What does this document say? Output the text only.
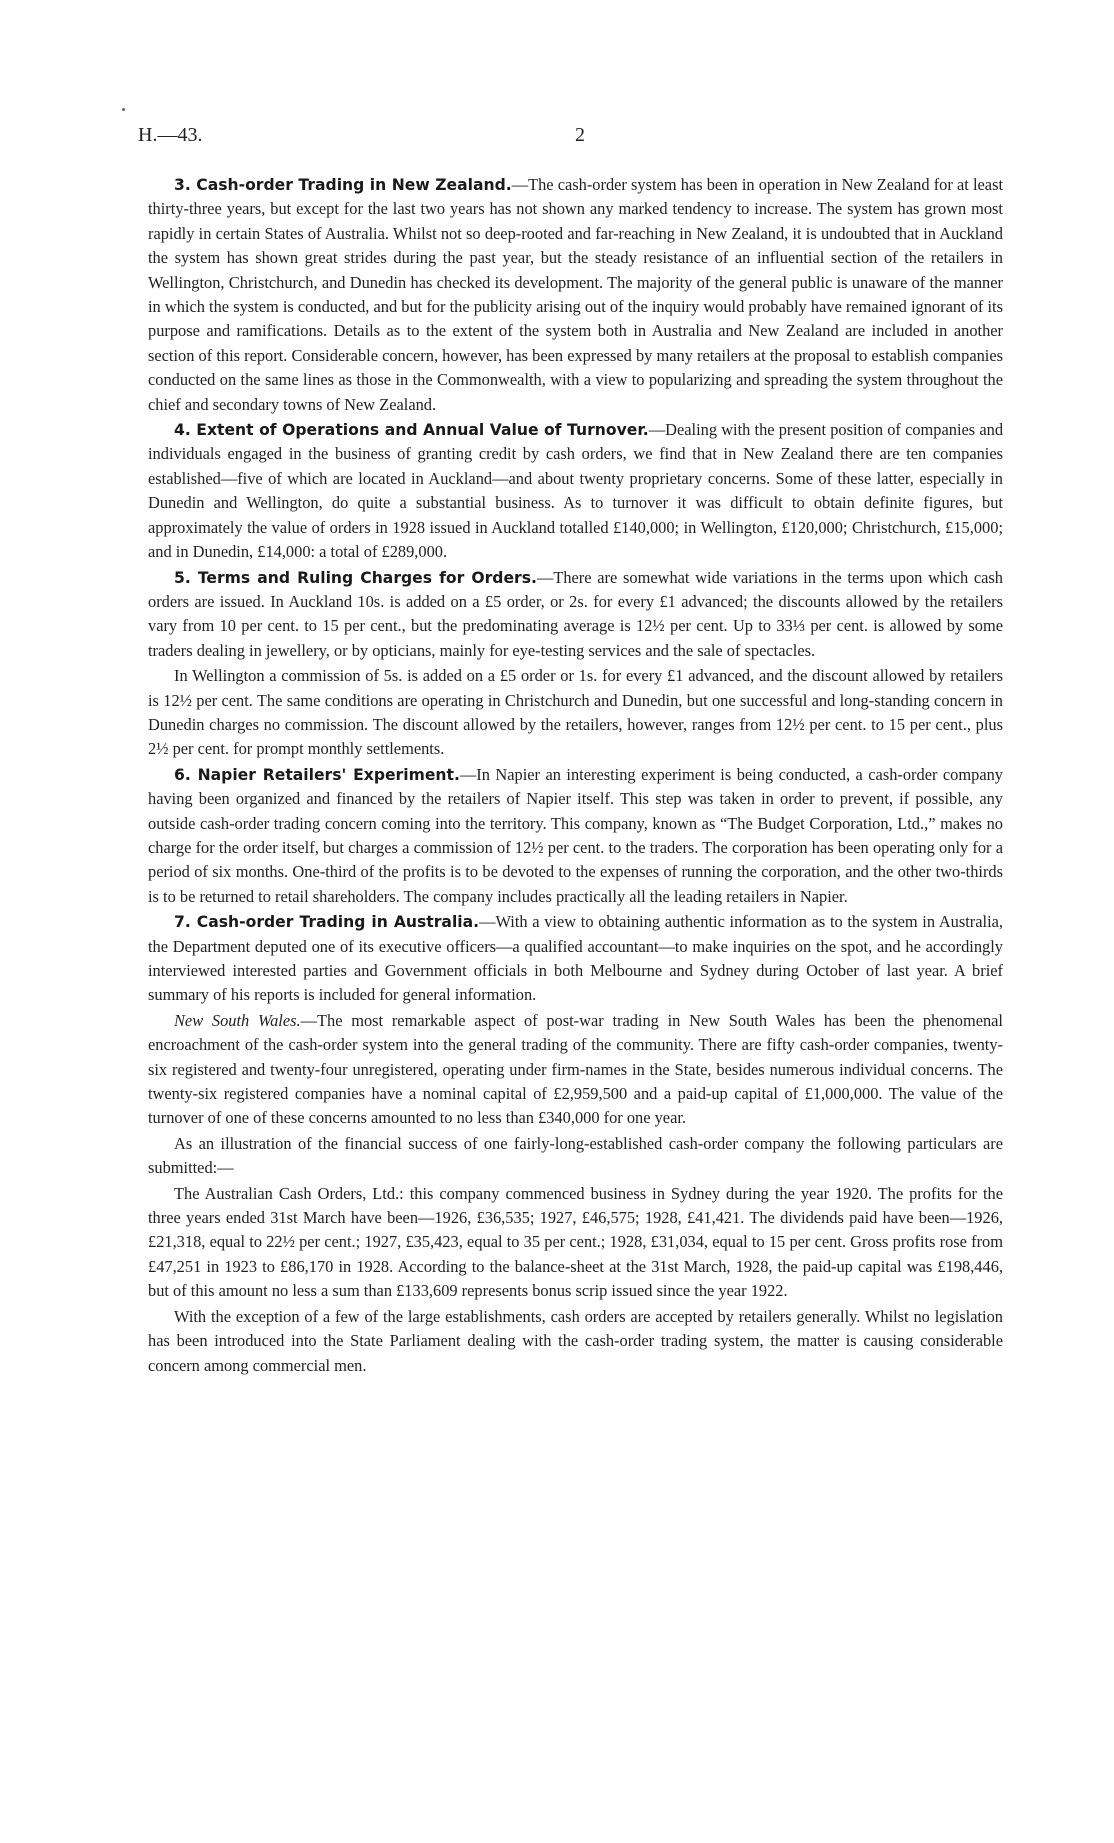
H.—43.	2

3. Cash-order Trading in New Zealand.—The cash-order system has been in operation in New Zealand for at least thirty-three years, but except for the last two years has not shown any marked tendency to increase. The system has grown most rapidly in certain States of Australia. Whilst not so deep-rooted and far-reaching in New Zealand, it is undoubted that in Auckland the system has shown great strides during the past year, but the steady resistance of an influential section of the retailers in Wellington, Christchurch, and Dunedin has checked its development. The majority of the general public is unaware of the manner in which the system is conducted, and but for the publicity arising out of the inquiry would probably have remained ignorant of its purpose and ramifications. Details as to the extent of the system both in Australia and New Zealand are included in another section of this report. Considerable concern, however, has been expressed by many retailers at the proposal to establish companies conducted on the same lines as those in the Commonwealth, with a view to popularizing and spreading the system throughout the chief and secondary towns of New Zealand.

4. Extent of Operations and Annual Value of Turnover.—Dealing with the present position of companies and individuals engaged in the business of granting credit by cash orders, we find that in New Zealand there are ten companies established—five of which are located in Auckland—and about twenty proprietary concerns. Some of these latter, especially in Dunedin and Wellington, do quite a substantial business. As to turnover it was difficult to obtain definite figures, but approximately the value of orders in 1928 issued in Auckland totalled £140,000; in Wellington, £120,000; Christchurch, £15,000; and in Dunedin, £14,000: a total of £289,000.

5. Terms and Ruling Charges for Orders.—There are somewhat wide variations in the terms upon which cash orders are issued. In Auckland 10s. is added on a £5 order, or 2s. for every £1 advanced; the discounts allowed by the retailers vary from 10 per cent. to 15 per cent., but the predominating average is 12½ per cent. Up to 33⅓ per cent. is allowed by some traders dealing in jewellery, or by opticians, mainly for eye-testing services and the sale of spectacles.

In Wellington a commission of 5s. is added on a £5 order or 1s. for every £1 advanced, and the discount allowed by retailers is 12½ per cent. The same conditions are operating in Christchurch and Dunedin, but one successful and long-standing concern in Dunedin charges no commission. The discount allowed by the retailers, however, ranges from 12½ per cent. to 15 per cent., plus 2½ per cent. for prompt monthly settlements.

6. Napier Retailers' Experiment.—In Napier an interesting experiment is being conducted, a cash-order company having been organized and financed by the retailers of Napier itself. This step was taken in order to prevent, if possible, any outside cash-order trading concern coming into the territory. This company, known as “The Budget Corporation, Ltd.,” makes no charge for the order itself, but charges a commission of 12½ per cent. to the traders. The corporation has been operating only for a period of six months. One-third of the profits is to be devoted to the expenses of running the corporation, and the other two-thirds is to be returned to retail shareholders. The company includes practically all the leading retailers in Napier.

7. Cash-order Trading in Australia.—With a view to obtaining authentic information as to the system in Australia, the Department deputed one of its executive officers—a qualified accountant—to make inquiries on the spot, and he accordingly interviewed interested parties and Government officials in both Melbourne and Sydney during October of last year. A brief summary of his reports is included for general information.

New South Wales.—The most remarkable aspect of post-war trading in New South Wales has been the phenomenal encroachment of the cash-order system into the general trading of the community. There are fifty cash-order companies, twenty-six registered and twenty-four unregistered, operating under firm-names in the State, besides numerous individual concerns. The twenty-six registered companies have a nominal capital of £2,959,500 and a paid-up capital of £1,000,000. The value of the turnover of one of these concerns amounted to no less than £340,000 for one year.

As an illustration of the financial success of one fairly-long-established cash-order company the following particulars are submitted:—

The Australian Cash Orders, Ltd.: this company commenced business in Sydney during the year 1920. The profits for the three years ended 31st March have been—1926, £36,535; 1927, £46,575; 1928, £41,421. The dividends paid have been—1926, £21,318, equal to 22½ per cent.; 1927, £35,423, equal to 35 per cent.; 1928, £31,034, equal to 15 per cent. Gross profits rose from £47,251 in 1923 to £86,170 in 1928. According to the balance-sheet at the 31st March, 1928, the paid-up capital was £198,446, but of this amount no less a sum than £133,609 represents bonus scrip issued since the year 1922.

With the exception of a few of the large establishments, cash orders are accepted by retailers generally. Whilst no legislation has been introduced into the State Parliament dealing with the cash-order trading system, the matter is causing considerable concern among commercial men.
